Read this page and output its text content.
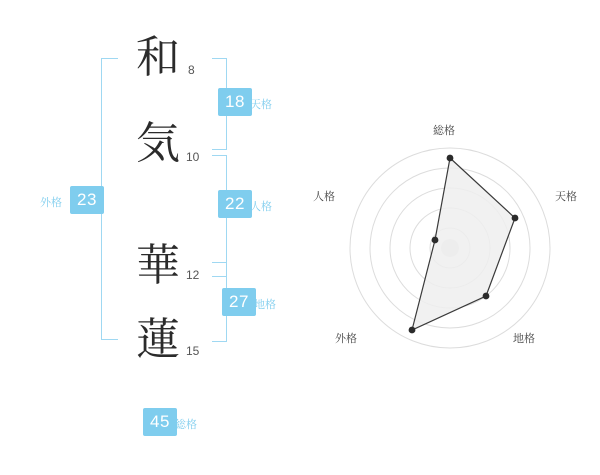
和 8
気 10
華 12
蓮 15
18 天格
22 人格
27 地格
外格 23
45 総格
総格
天格
地格
外格
人格
